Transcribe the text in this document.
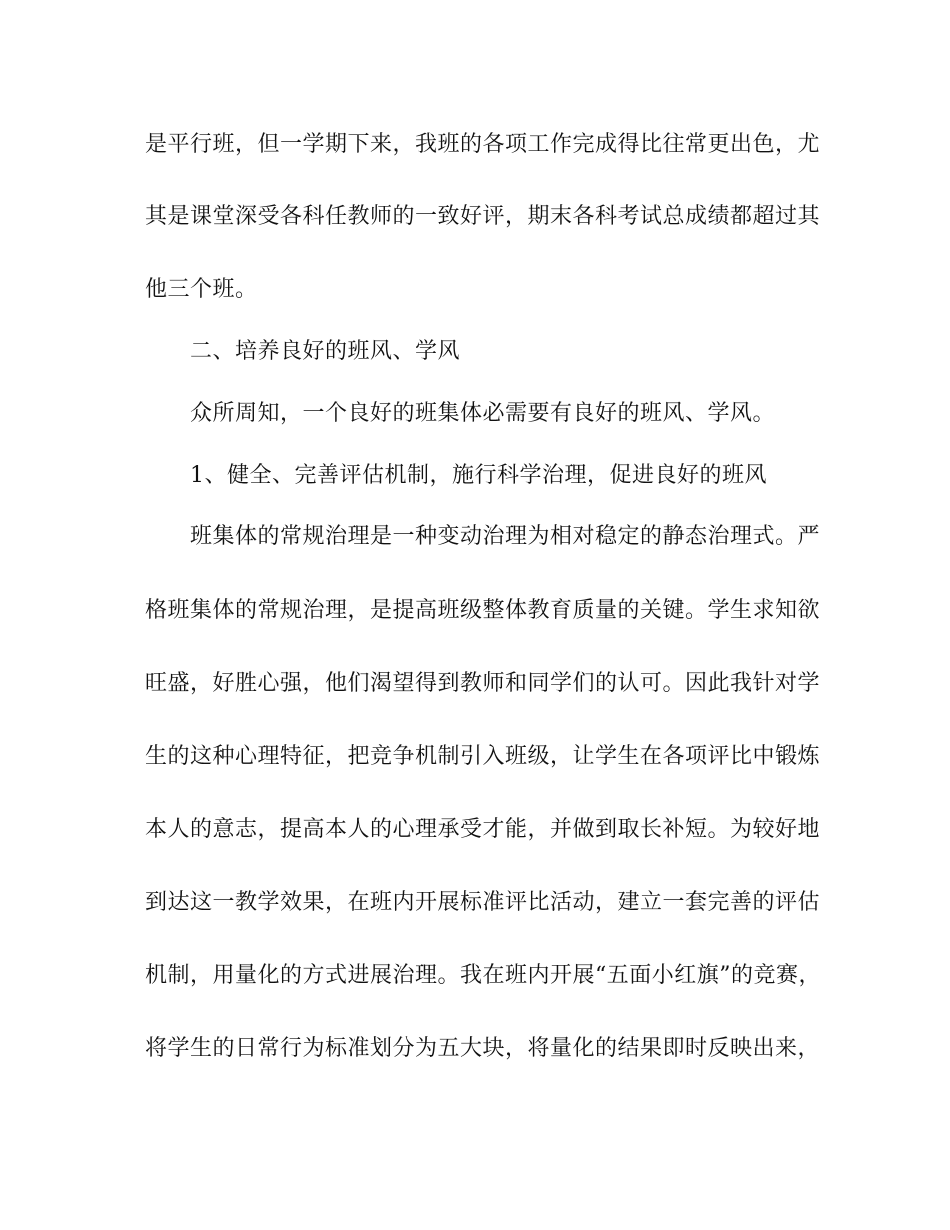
是平行班，但一学期下来，我班的各项工作完成得比往常更出色，尤
其是课堂深受各科任教师的一致好评，期末各科考试总成绩都超过其
他三个班。
二、培养良好的班风、学风
众所周知，一个良好的班集体必需要有良好的班风、学风。
1、健全、完善评估机制，施行科学治理，促进良好的班风
班集体的常规治理是一种变动治理为相对稳定的静态治理式。严
格班集体的常规治理，是提高班级整体教育质量的关键。学生求知欲
旺盛，好胜心强，他们渴望得到教师和同学们的认可。因此我针对学
生的这种心理特征，把竞争机制引入班级，让学生在各项评比中锻炼
本人的意志，提高本人的心理承受才能，并做到取长补短。为较好地
到达这一教学效果，在班内开展标准评比活动，建立一套完善的评估
机制，用量化的方式进展治理。我在班内开展“五面小红旗”的竞赛，
将学生的日常行为标准划分为五大块，将量化的结果即时反映出来，
